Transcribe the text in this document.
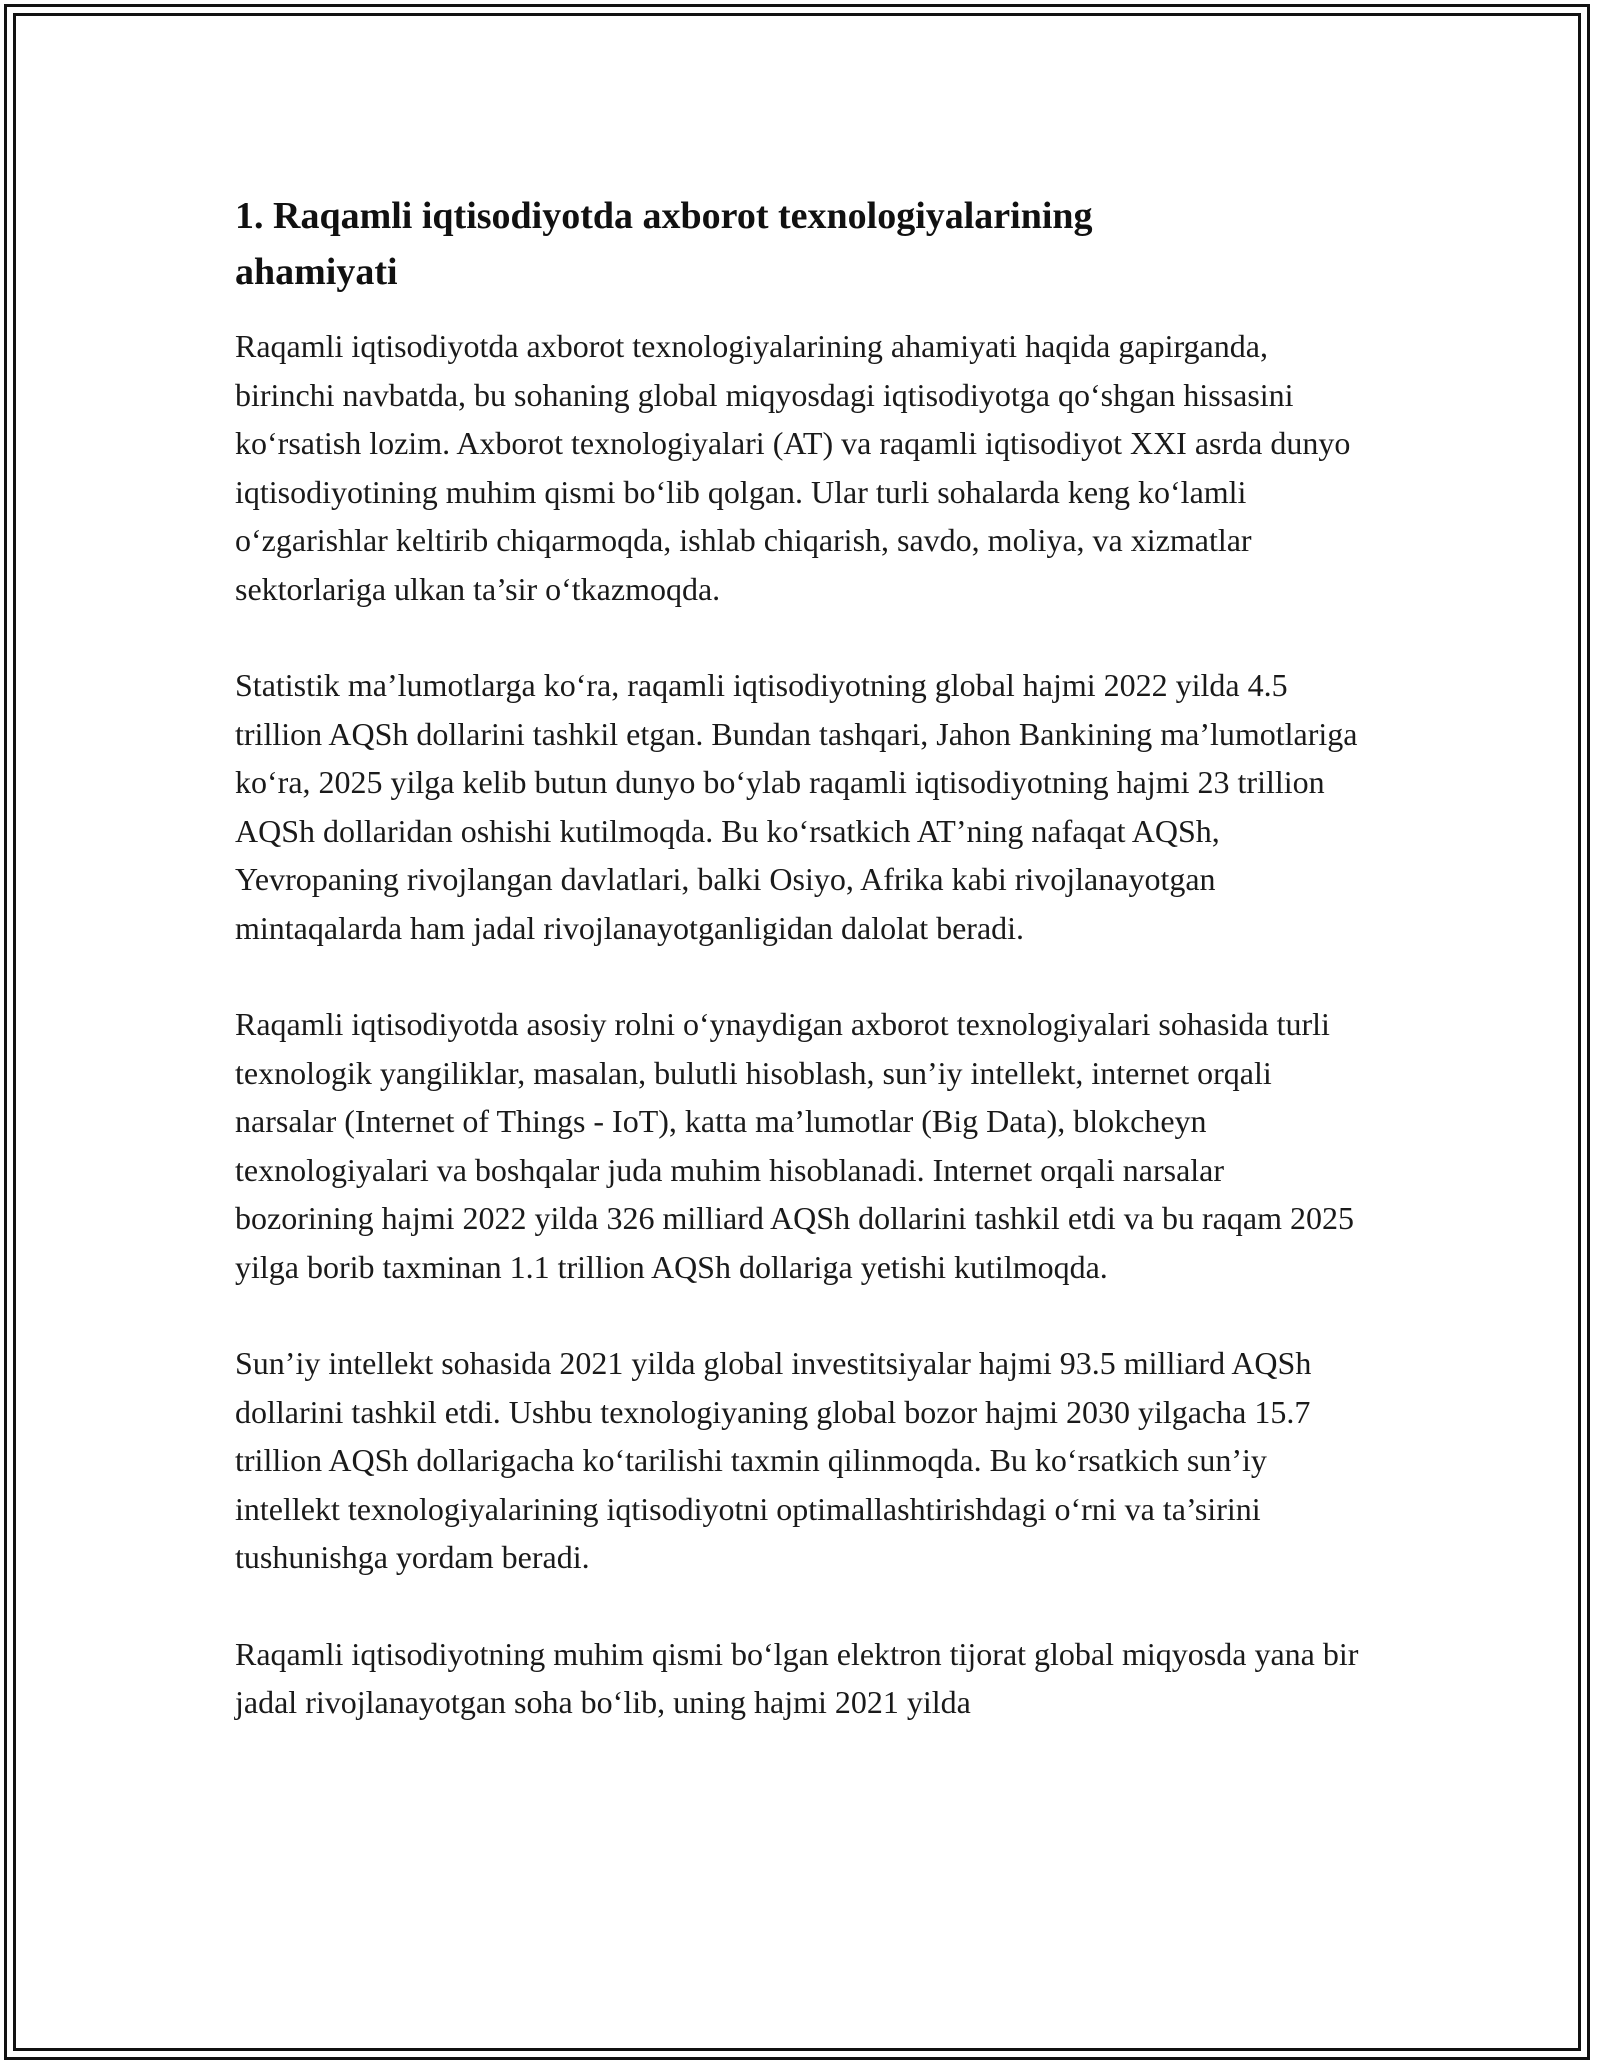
1. Raqamli iqtisodiyotda axborot texnologiyalarining ahamiyati

Raqamli iqtisodiyotda axborot texnologiyalarining ahamiyati haqida gapirganda, birinchi navbatda, bu sohaning global miqyosdagi iqtisodiyotga qo‘shgan hissasini ko‘rsatish lozim. Axborot texnologiyalari (AT) va raqamli iqtisodiyot XXI asrda dunyo iqtisodiyotining muhim qismi bo‘lib qolgan. Ular turli sohalarda keng ko‘lamli o‘zgarishlar keltirib chiqarmoqda, ishlab chiqarish, savdo, moliya, va xizmatlar sektorlariga ulkan ta’sir o‘tkazmoqda.

Statistik ma’lumotlarga ko‘ra, raqamli iqtisodiyotning global hajmi 2022 yilda 4.5 trillion AQSh dollarini tashkil etgan. Bundan tashqari, Jahon Bankining ma’lumotlariga ko‘ra, 2025 yilga kelib butun dunyo bo‘ylab raqamli iqtisodiyotning hajmi 23 trillion AQSh dollaridan oshishi kutilmoqda. Bu ko‘rsatkich AT’ning nafaqat AQSh, Yevropaning rivojlangan davlatlari, balki Osiyo, Afrika kabi rivojlanayotgan mintaqalarda ham jadal rivojlanayotganligidan dalolat beradi.

Raqamli iqtisodiyotda asosiy rolni o‘ynaydigan axborot texnologiyalari sohasida turli texnologik yangiliklar, masalan, bulutli hisoblash, sun’iy intellekt, internet orqali narsalar (Internet of Things - IoT), katta ma’lumotlar (Big Data), blokcheyn texnologiyalari va boshqalar juda muhim hisoblanadi. Internet orqali narsalar bozorining hajmi 2022 yilda 326 milliard AQSh dollarini tashkil etdi va bu raqam 2025 yilga borib taxminan 1.1 trillion AQSh dollariga yetishi kutilmoqda.

Sun’iy intellekt sohasida 2021 yilda global investitsiyalar hajmi 93.5 milliard AQSh dollarini tashkil etdi. Ushbu texnologiyaning global bozor hajmi 2030 yilgacha 15.7 trillion AQSh dollarigacha ko‘tarilishi taxmin qilinmoqda. Bu ko‘rsatkich sun’iy intellekt texnologiyalarining iqtisodiyotni optimallashtirishdagi o‘rni va ta’sirini tushunishga yordam beradi.

Raqamli iqtisodiyotning muhim qismi bo‘lgan elektron tijorat global miqyosda yana bir jadal rivojlanayotgan soha bo‘lib, uning hajmi 2021 yilda
